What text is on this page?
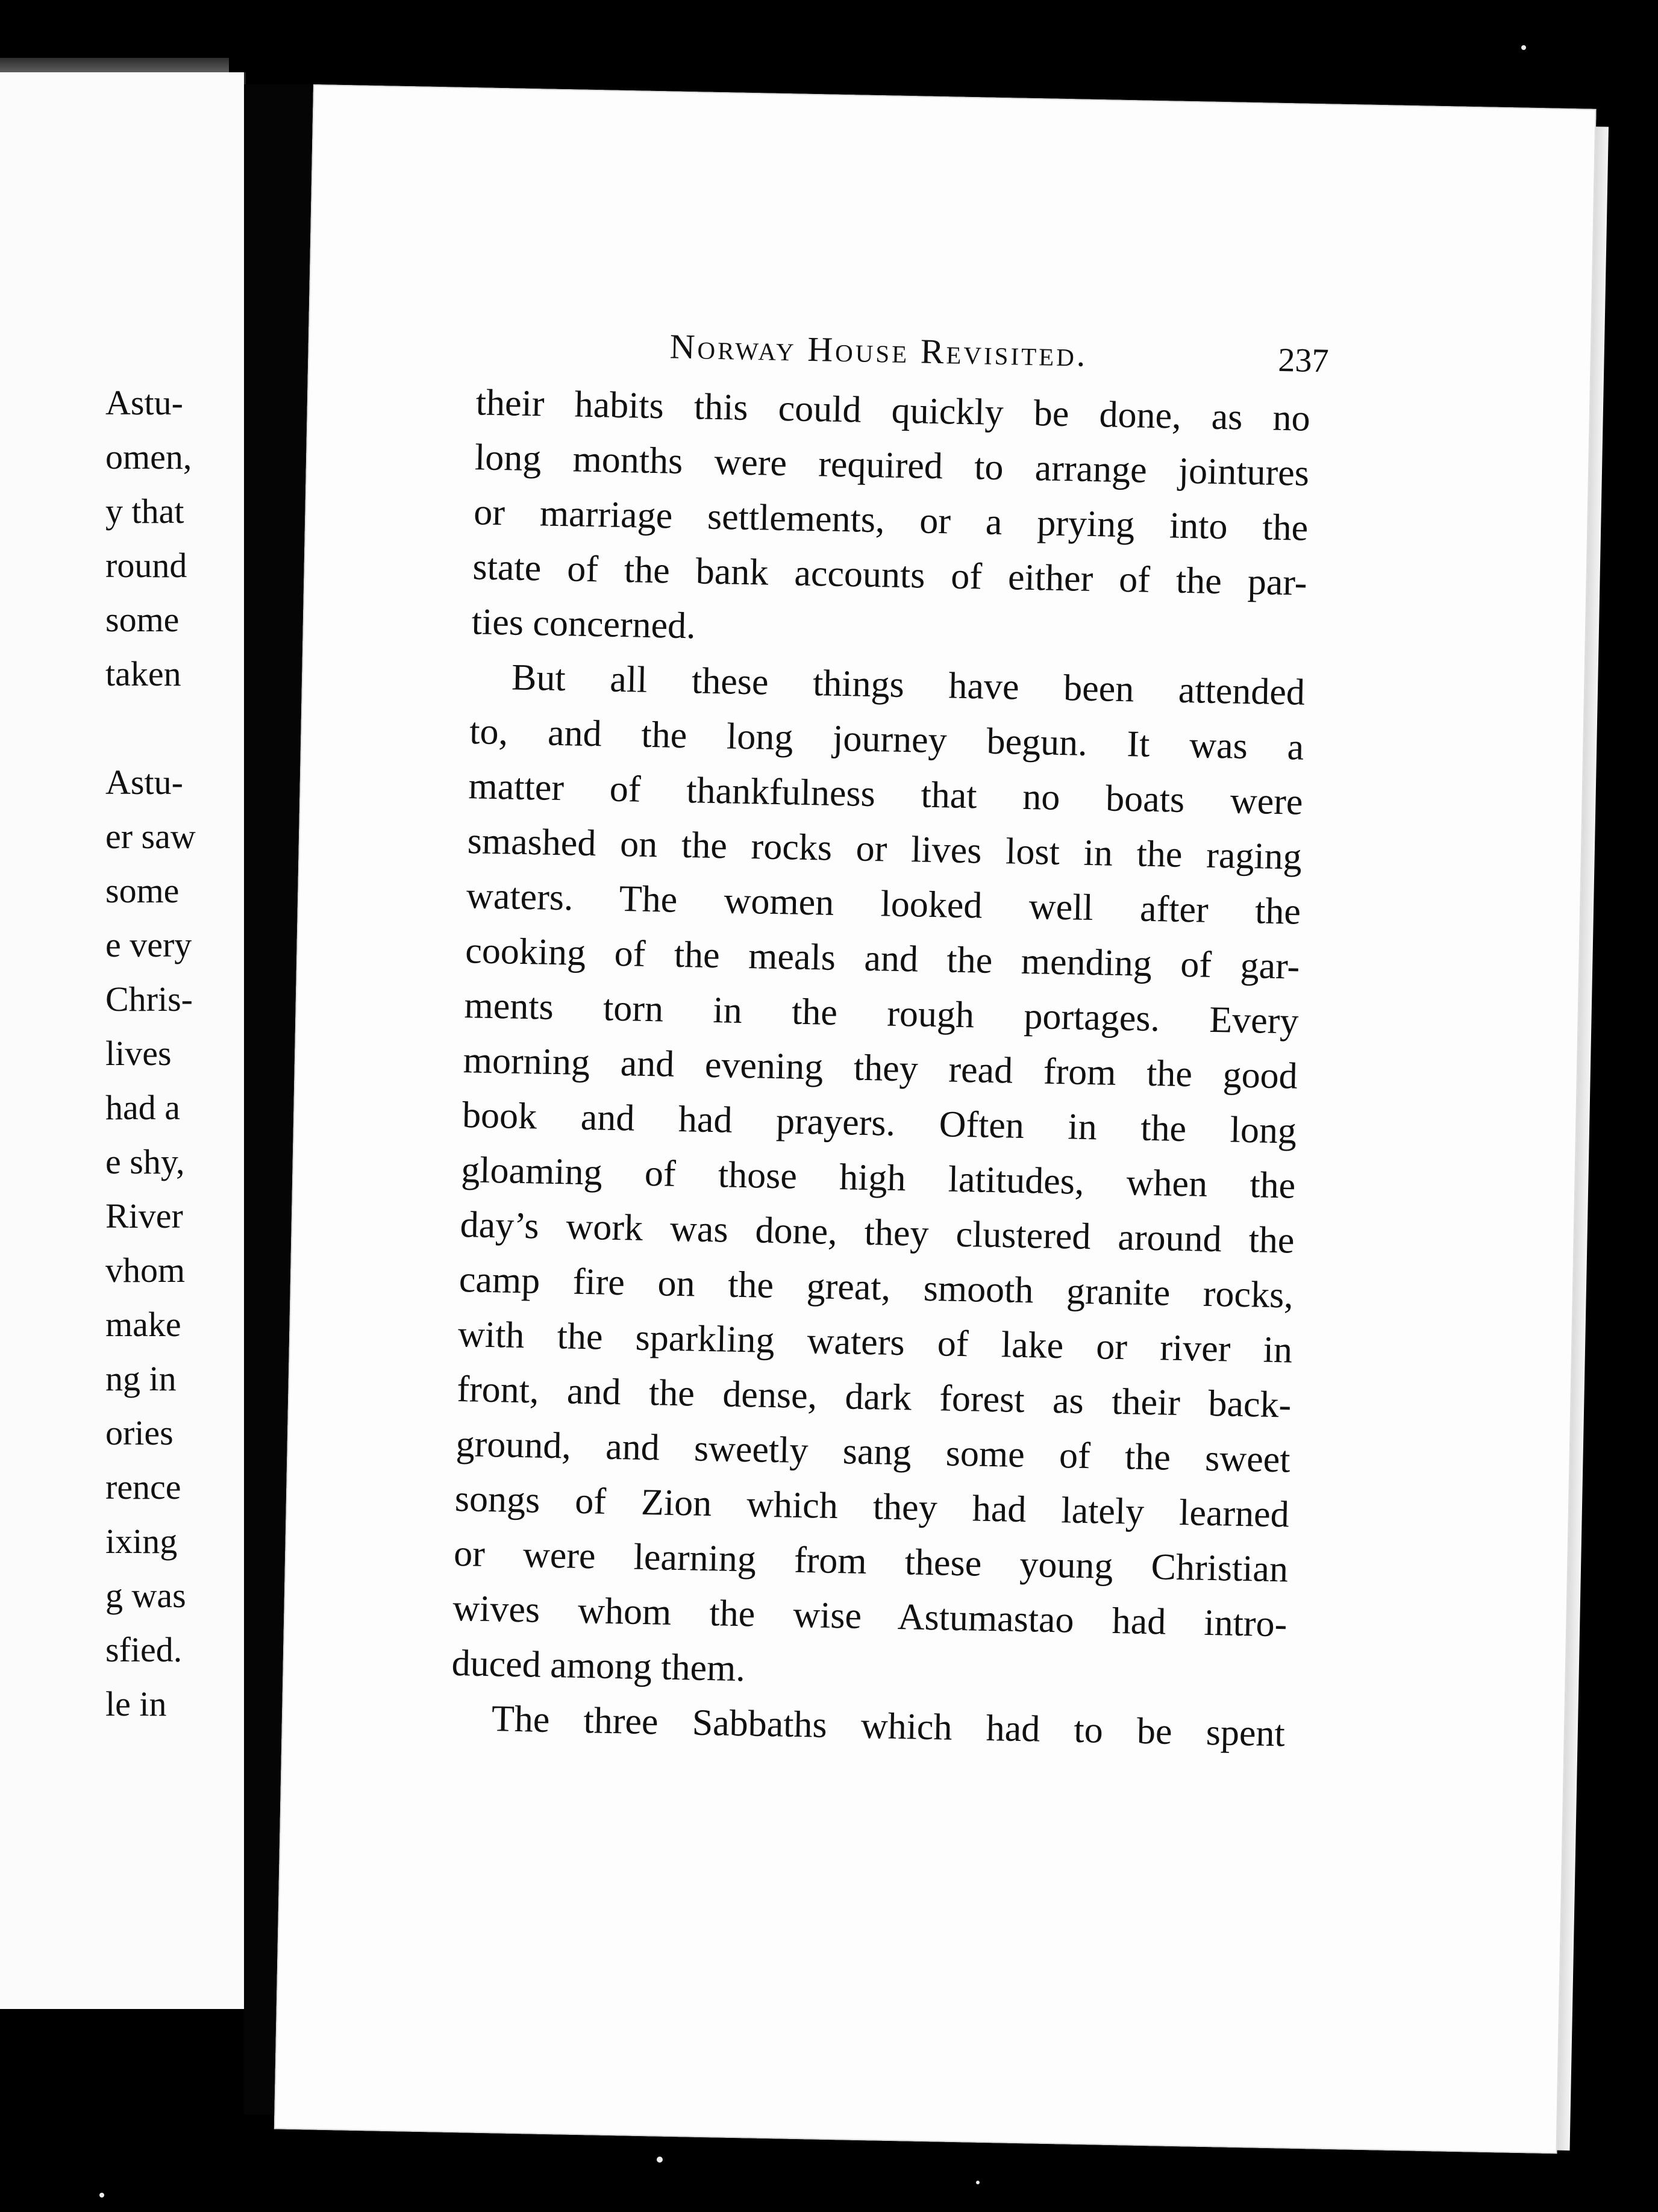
Astu-
omen,
y that
round
some
taken
Astu-
er saw
some
e very
Chris-
lives
had a
e shy,
River
vhom
make
ng in
ories
rence
ixing
g was
sfied.
le in
Norway House Revisited.	237

their habits this could quickly be done, as no
long months were required to arrange jointures
or marriage settlements, or a prying into the
state of the bank accounts of either of the par-
ties concerned.

But all these things have been attended
to, and the long journey begun. It was a
matter of thankfulness that no boats were
smashed on the rocks or lives lost in the raging
waters. The women looked well after the
cooking of the meals and the mending of gar-
ments torn in the rough portages. Every
morning and evening they read from the good
book and had prayers. Often in the long
gloaming of those high latitudes, when the
day’s work was done, they clustered around the
camp fire on the great, smooth granite rocks,
with the sparkling waters of lake or river in
front, and the dense, dark forest as their back-
ground, and sweetly sang some of the sweet
songs of Zion which they had lately learned
or were learning from these young Christian
wives whom the wise Astumastao had intro-
duced among them.

The three Sabbaths which had to be spent
